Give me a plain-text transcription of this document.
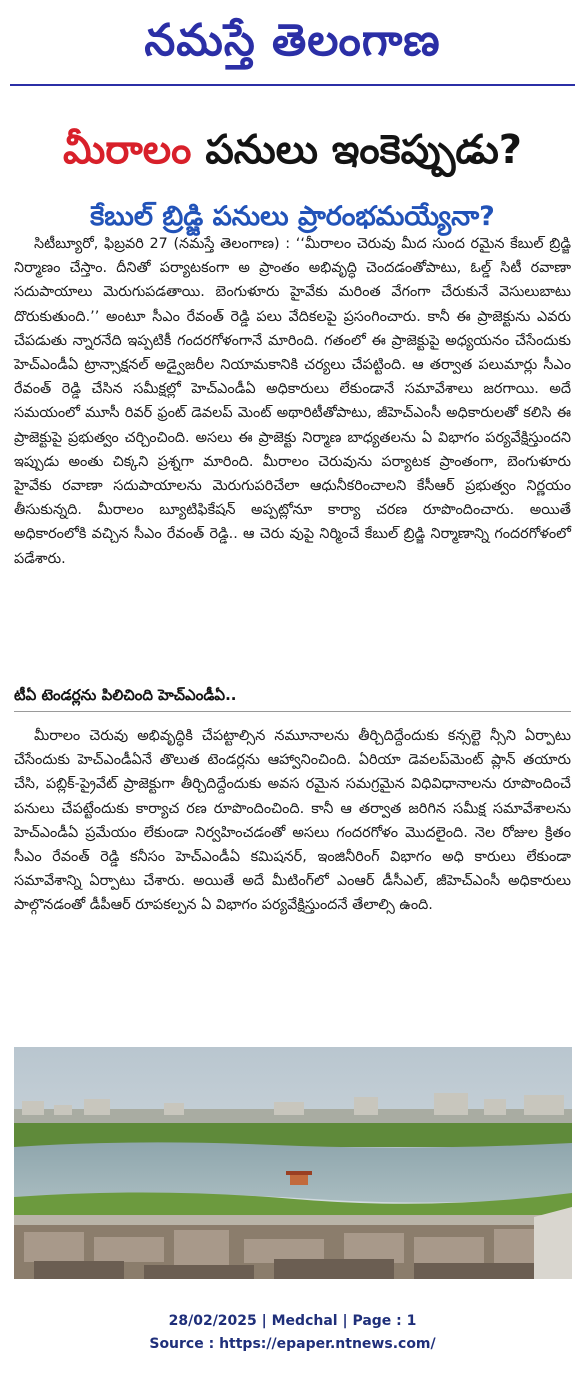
నమస్తే తెలంగాణ
మీరాలం పనులు ఇంకెప్పుడు?
కేబుల్ బ్రిడ్జి పనులు ప్రారంభమయ్యేనా?

సిటీబ్యూరో, ఫిబ్రవరి 27 (నమస్తే తెలంగాణ) : ‘‘మీరాలం చెరువు మీద సుంద రమైన కేబుల్ బ్రిడ్జి నిర్మాణం చేస్తాం. దీనితో పర్యాటకంగా అ ప్రాంతం అభివృద్ధి చెందడంతోపాటు, ఓల్డ్ సిటీ రవాణా సదుపాయాలు మెరుగుపడతాయి. బెంగుళూరు హైవేకు మరింత వేగంగా చేరుకునే వెసులుబాటు దొరుకుతుంది.’’ అంటూ సీఎం రేవంత్ రెడ్డి పలు వేదికలపై ప్రసంగించారు. కానీ ఈ ప్రాజెక్టును ఎవరు చేపడుతు న్నారనేది ఇప్పటికీ గందరగోళంగానే మారింది. గతంలో ఈ ప్రాజెక్టుపై అధ్యయనం చేసేందుకు హెచ్ఎండీఏ ట్రాన్సాక్షనల్ అడ్వైజరీల నియామకానికి చర్యలు చేపట్టింది. ఆ తర్వాత పలుమార్లు సీఎం రేవంత్ రెడ్డి చేసిన సమీక్షల్లో హెచ్ఎండీఏ అధికారులు లేకుండానే సమావేశాలు జరగాయి. అదే సమయంలో మూసీ రివర్ ఫ్రంట్ డెవలప్ మెంట్ అథారిటీతోపాటు, జీహెచ్ఎంసీ అధికారులతో కలిసి ఈ ప్రాజెక్టుపై ప్రభుత్వం చర్చించింది. అసలు ఈ ప్రాజెక్టు నిర్మాణ బాధ్యతలను ఏ విభాగం పర్యవేక్షిస్తుందని ఇప్పుడు అంతు చిక్కని ప్రశ్నగా మారింది. మీరాలం చెరువును పర్యాటక ప్రాంతంగా, బెంగుళూరు హైవేకు రవాణా సదుపాయాలను మెరుగుపరిచేలా ఆధునీకరించాలని కేసీఆర్ ప్రభుత్వం నిర్ణయం తీసుకున్నది. మీరాలం బ్యూటిఫికేషన్ అప్పట్లోనూ కార్యా చరణ రూపొందించారు. అయితే అధికారంలోకి వచ్చిన సీఎం రేవంత్ రెడ్డి.. ఆ చెరు వుపై నిర్మించే కేబుల్ బ్రిడ్జి నిర్మాణాన్ని గందరగోళంలో పడేశారు.

టీఏ టెండర్లను పిలిచింది హెచ్ఎండీఏ..

మీరాలం చెరువు అభివృద్ధికి చేపట్టాల్సిన నమూనాలను తీర్చిదిద్దేందుకు కన్సల్టె న్సీని ఏర్పాటు చేసేందుకు హెచ్ఎండీఏనే తొలుత టెండర్లను ఆహ్వానించింది. ఏరియా డెవలప్‌మెంట్ ప్లాన్ తయారు చేసి, పబ్లిక్-ప్రైవేట్ ప్రాజెక్టుగా తీర్చిదిద్దేందుకు అవస రమైన సమగ్రమైన విధివిధానాలను రూపొందించే పనులు చేపట్టేందుకు కార్యాచ రణ రూపొందించింది. కానీ ఆ తర్వాత జరిగిన సమీక్ష సమావేశాలను హెచ్ఎండీఏ ప్రమేయం లేకుండా నిర్వహించడంతో అసలు గందరగోళం మొదలైంది. నెల రోజుల క్రితం సీఎం రేవంత్ రెడ్డి కనీసం హెచ్ఎండీఏ కమిషనర్, ఇంజినీరింగ్ విభాగం అధి కారులు లేకుండా సమావేశాన్ని ఏర్పాటు చేశారు. అయితే అదే మీటింగ్‌లో ఎంఆర్ డీసీఎల్, జీహెచ్ఎంసీ అధికారులు పాల్గొనడంతో డీపీఆర్ రూపకల్పన ఏ విభాగం పర్యవేక్షిస్తుందనే తేలాల్సి ఉంది.

28/02/2025 | Medchal | Page : 1
Source : https://epaper.ntnews.com/
